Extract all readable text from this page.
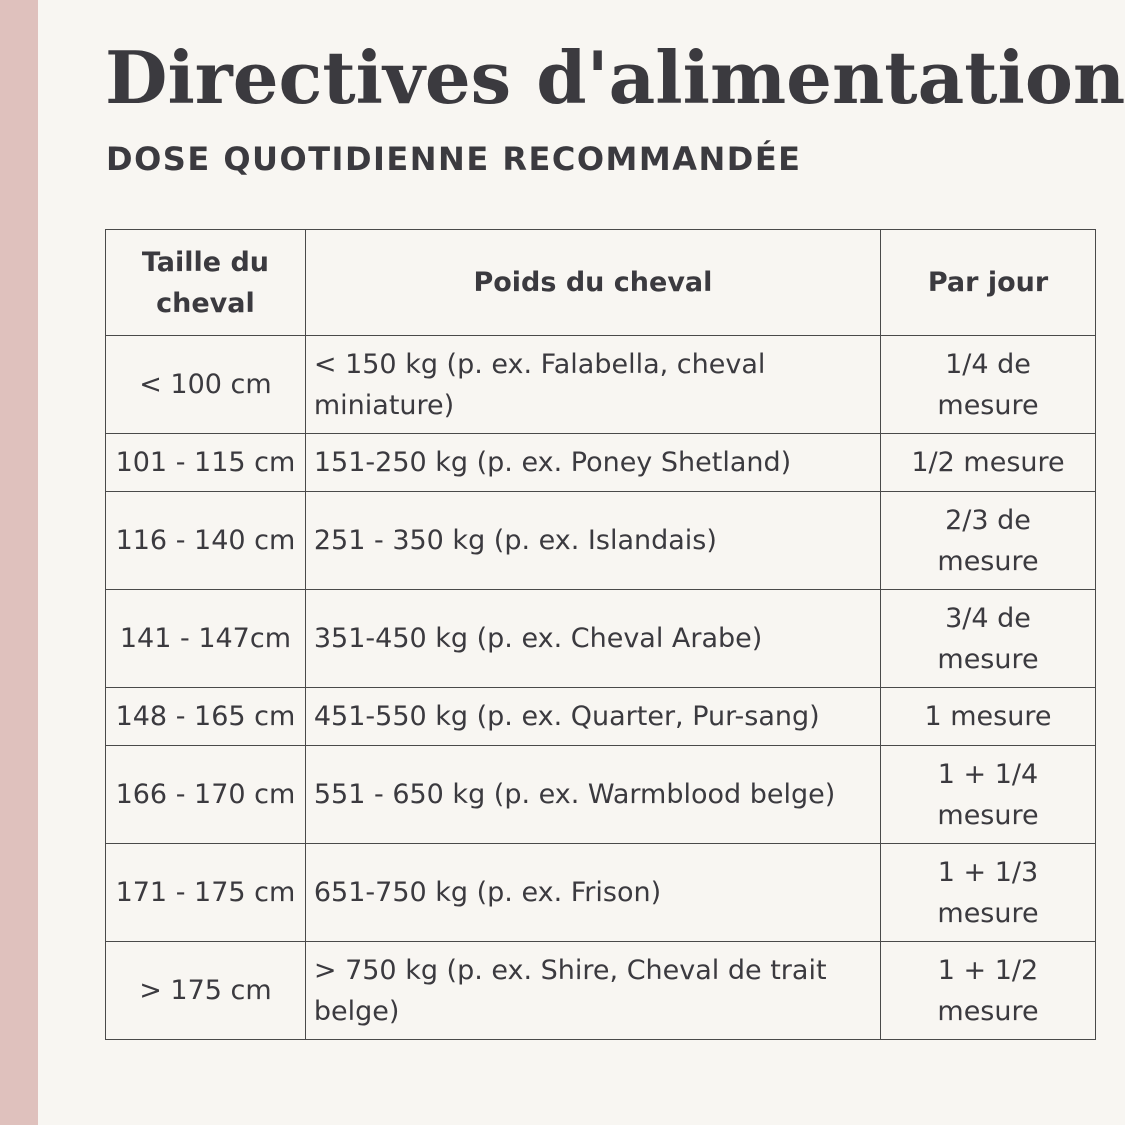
Directives d'alimentation
DOSE QUOTIDIENNE RECOMMANDÉE
Taille du cheval	Poids du cheval	Par jour
< 100 cm	< 150 kg (p. ex. Falabella, cheval miniature)	1/4 de mesure
101 - 115 cm	151-250 kg (p. ex. Poney Shetland)	1/2 mesure
116 - 140 cm	251 - 350 kg (p. ex. Islandais)	2/3 de mesure
141 - 147cm	351-450 kg (p. ex. Cheval Arabe)	3/4 de mesure
148 - 165 cm	451-550 kg (p. ex. Quarter, Pur-sang)	1 mesure
166 - 170 cm	551 - 650 kg (p. ex. Warmblood belge)	1 + 1/4 mesure
171 - 175 cm	651-750 kg (p. ex. Frison)	1 + 1/3 mesure
> 175 cm	> 750 kg (p. ex. Shire, Cheval de trait belge)	1 + 1/2 mesure
